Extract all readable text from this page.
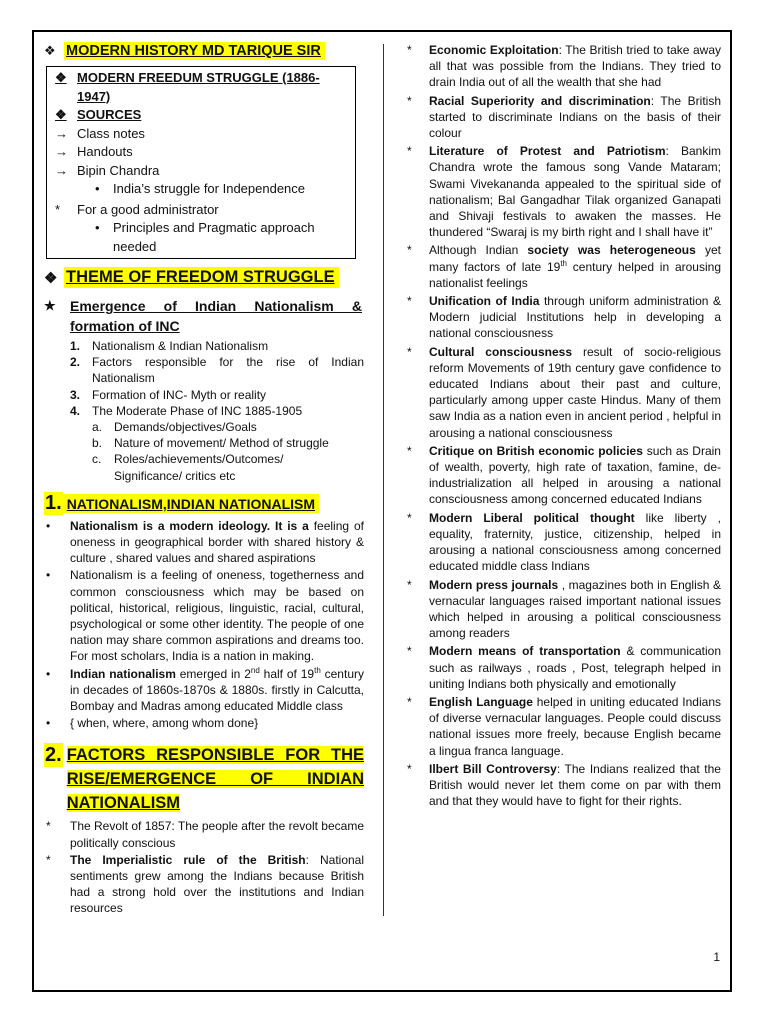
❖ MODERN HISTORY MD TARIQUE SIR
❖ MODERN FREEDUM STRUGGLE (1886-1947)
❖ SOURCES
→ Class notes
→ Handouts
→ Bipin Chandra
•	India’s struggle for Independence
*	For a good administrator
•	Principles and Pragmatic approach needed
❖ THEME OF FREEDOM STRUGGLE
★	Emergence of Indian Nationalism & formation of INC
1. Nationalism & Indian Nationalism
2. Factors responsible for the rise of Indian Nationalism
3. Formation of INC- Myth or reality
4. The Moderate Phase of INC 1885-1905
a. Demands/objectives/Goals
b. Nature of movement/ Method of struggle
c.	Roles/achievements/Outcomes/ Significance/ critics etc
1. NATIONALISM,INDIAN NATIONALISM
•	Nationalism is a modern ideology. It is a feeling of oneness in geographical border with shared history & culture , shared values and shared aspirations
•	Nationalism is a feeling of oneness, togetherness and common consciousness which may be based on political, historical, religious, linguistic, racial, cultural, psychological or some other identity. The people of one nation may share common aspirations and dreams too. For most scholars, India is a nation in making.
•	Indian nationalism emerged in 2nd half of 19th century in decades of 1860s-1870s & 1880s. firstly in Calcutta, Bombay and Madras among educated Middle class
•	{ when, where, among whom done}
2. FACTORS RESPONSIBLE FOR THE RISE/EMERGENCE OF INDIAN NATIONALISM
*	The Revolt of 1857: The people after the revolt became politically conscious
*	The Imperialistic rule of the British: National sentiments grew among the Indians because British had a strong hold over the institutions and Indian resources
*	Economic Exploitation: The British tried to take away all that was possible from the Indians. They tried to drain India out of all the wealth that she had
*	Racial Superiority and discrimination: The British started to discriminate Indians on the basis of their colour
*	Literature of Protest and Patriotism: Bankim Chandra wrote the famous song Vande Mataram; Swami Vivekananda appealed to the spiritual side of nationalism; Bal Gangadhar Tilak organized Ganapati and Shivaji festivals to awaken the masses. He thundered “Swaraj is my birth right and I shall have it”
*	Although Indian society was heterogeneous yet many factors of late 19th century helped in arousing nationalist feelings
*	Unification of India through uniform administration & Modern judicial Institutions help in developing a national consciousness
*	Cultural consciousness result of socio-religious reform Movements of 19th century gave confidence to educated Indians about their past and culture, particularly among upper caste Hindus. Many of them saw India as a nation even in ancient period , helpful in arousing a national consciousness
*	Critique on British economic policies such as Drain of wealth, poverty, high rate of taxation, famine, de-industrialization all helped in arousing a national consciousness among concerned educated Indians
*	Modern Liberal political thought like liberty , equality, fraternity, justice, citizenship, helped in arousing a national consciousness among concerned educated middle class Indians
*	Modern press journals , magazines both in English & vernacular languages raised important national issues which helped in arousing a political consciousness among readers
*	Modern means of transportation & communication such as railways , roads , Post, telegraph helped in uniting Indians both physically and emotionally
*	English Language helped in uniting educated Indians of diverse vernacular languages. People could discuss national issues more freely, because English became a lingua franca language.
*	Ilbert Bill Controversy: The Indians realized that the British would never let them come on par with them and that they would have to fight for their rights.
1
